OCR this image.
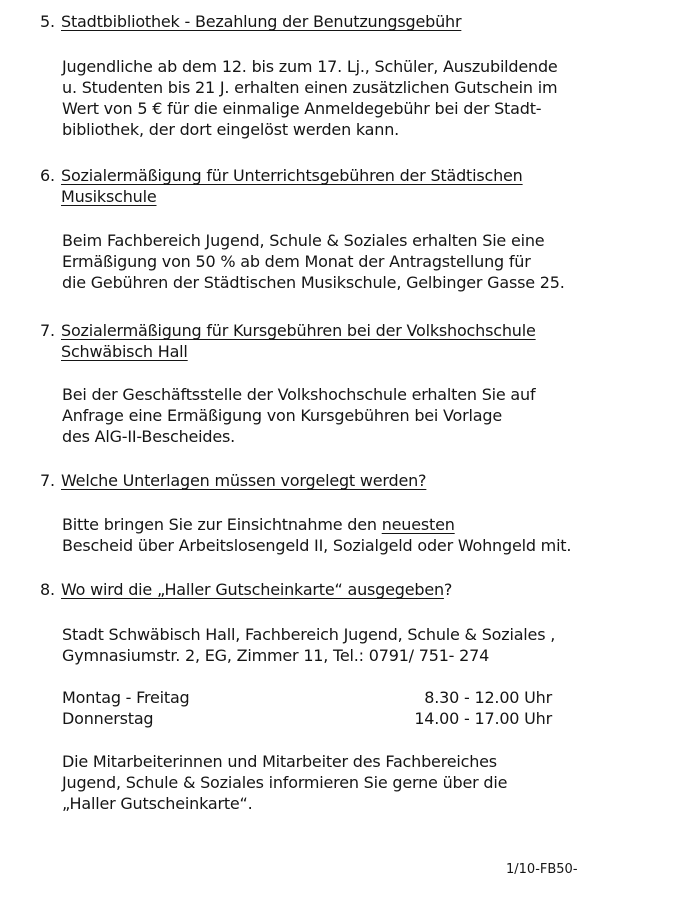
5. Stadtbibliothek - Bezahlung der Benutzungsgebühr

Jugendliche ab dem 12. bis zum 17. Lj., Schüler, Auszubildende
u. Studenten bis 21 J. erhalten einen zusätzlichen Gutschein im
Wert von 5 € für die einmalige Anmeldegebühr bei der Stadt-
bibliothek, der dort eingelöst werden kann.

6. Sozialermäßigung für Unterrichtsgebühren der Städtischen
Musikschule

Beim Fachbereich Jugend, Schule & Soziales erhalten Sie eine
Ermäßigung von 50 % ab dem Monat der Antragstellung für
die Gebühren der Städtischen Musikschule, Gelbinger Gasse 25.

7. Sozialermäßigung für Kursgebühren bei der Volkshochschule
Schwäbisch Hall

Bei der Geschäftsstelle der Volkshochschule erhalten Sie auf
Anfrage eine Ermäßigung von Kursgebühren bei Vorlage
des AlG-II-Bescheides.

7. Welche Unterlagen müssen vorgelegt werden?

Bitte bringen Sie zur Einsichtnahme den neuesten
Bescheid über Arbeitslosengeld II, Sozialgeld oder Wohngeld mit.

8. Wo wird die „Haller Gutscheinkarte“ ausgegeben?

Stadt Schwäbisch Hall, Fachbereich Jugend, Schule & Soziales ,
Gymnasiumstr. 2, EG, Zimmer 11, Tel.: 0791/ 751- 274

Montag - Freitag	8.30 - 12.00 Uhr
Donnerstag	14.00 - 17.00 Uhr

Die Mitarbeiterinnen und Mitarbeiter des Fachbereiches
Jugend, Schule & Soziales informieren Sie gerne über die
„Haller Gutscheinkarte“.

1/10-FB50-
